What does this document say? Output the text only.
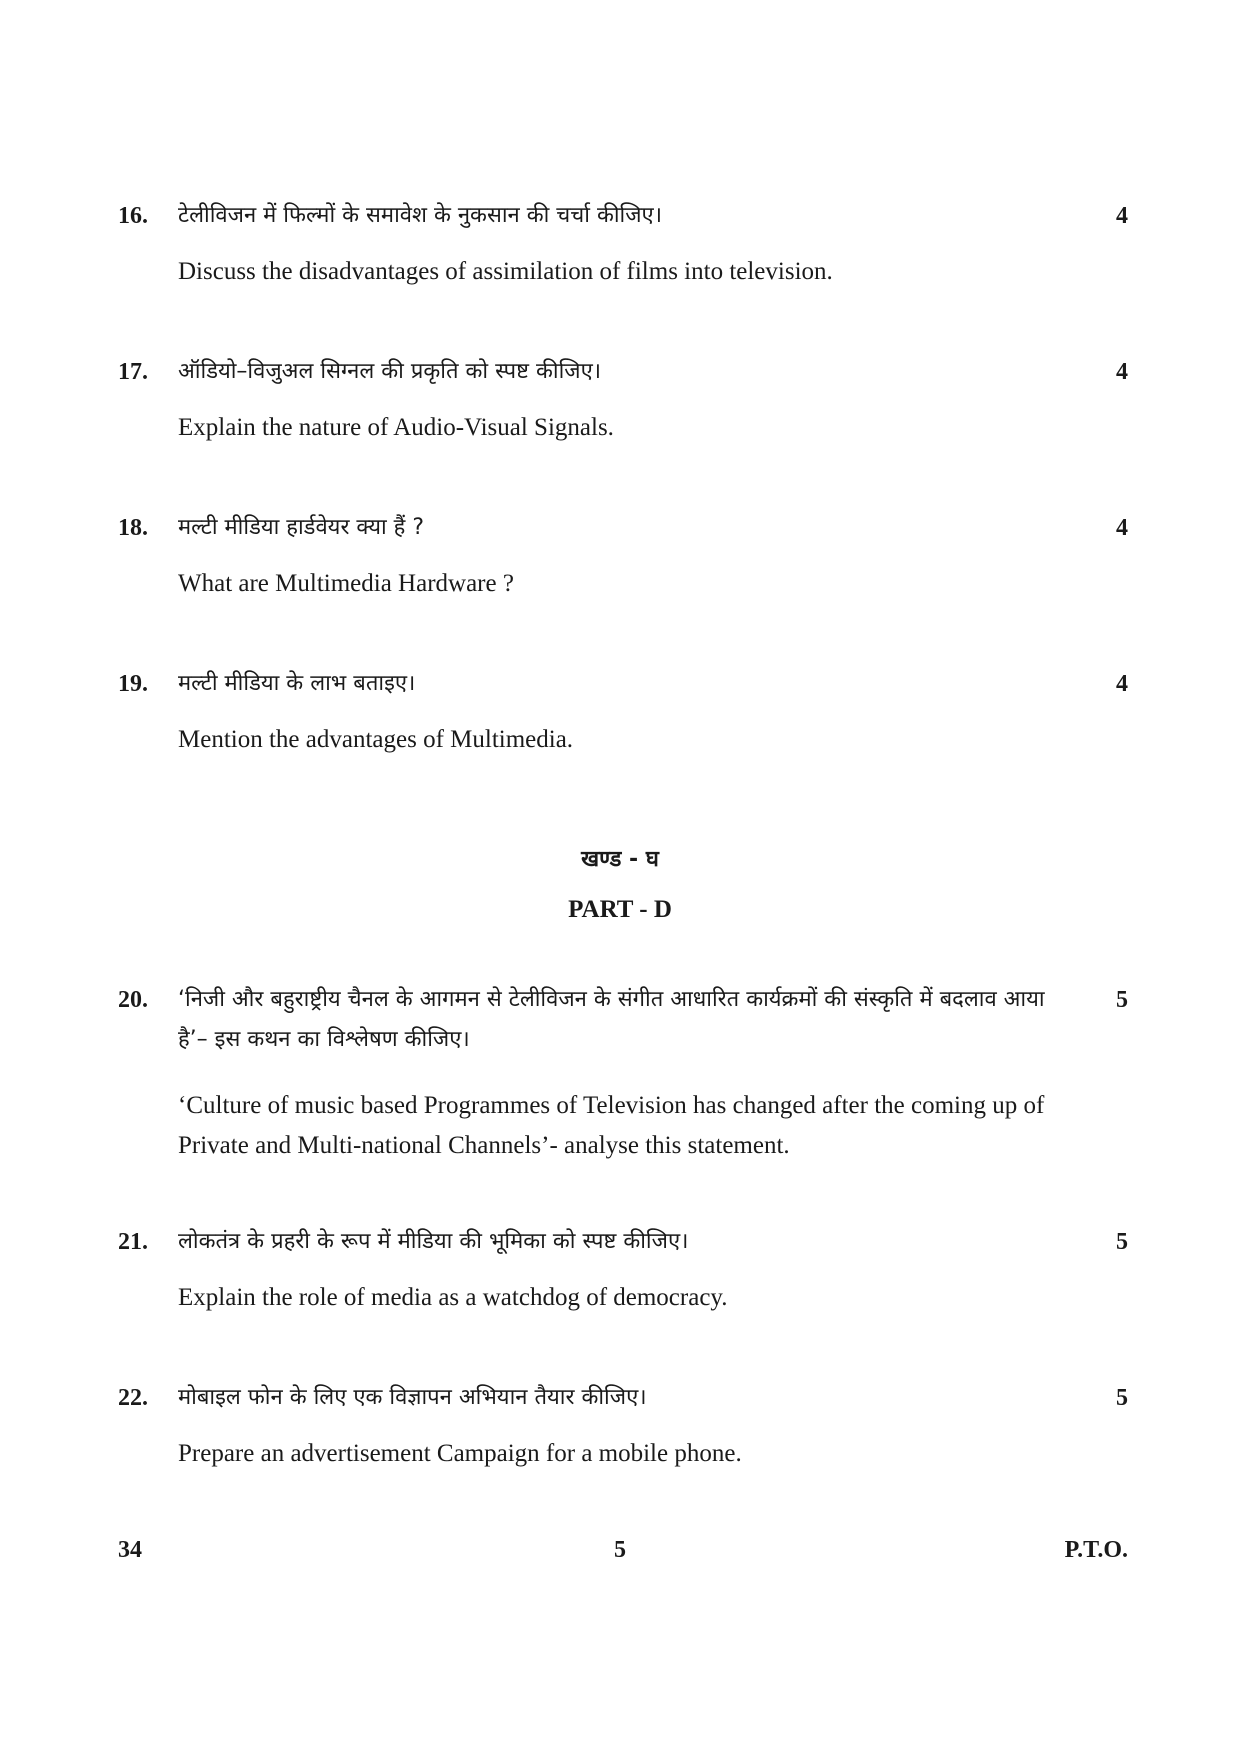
16. टेलीविजन में फिल्मों के समावेश के नुकसान की चर्चा कीजिए।	4
Discuss the disadvantages of assimilation of films into television.
17. ऑडियो–विजुअल सिग्नल की प्रकृति को स्पष्ट कीजिए।	4
Explain the nature of Audio-Visual Signals.
18. मल्टी मीडिया हार्डवेयर क्या हैं ?	4
What are Multimedia Hardware ?
19. मल्टी मीडिया के लाभ बताइए।	4
Mention the advantages of Multimedia.
खण्ड - घ
PART - D
20. ‘निजी और बहुराष्ट्रीय चैनल के आगमन से टेलीविजन के संगीत आधारित कार्यक्रमों की संस्कृति में बदलाव आया है’– इस कथन का विश्लेषण कीजिए।
5
‘Culture of music based Programmes of Television has changed after the coming up of Private and Multi-national Channels’- analyse this statement.
21. लोकतंत्र के प्रहरी के रूप में मीडिया की भूमिका को स्पष्ट कीजिए।	5
Explain the role of media as a watchdog of democracy.
22. मोबाइल फोन के लिए एक विज्ञापन अभियान तैयार कीजिए।	5
Prepare an advertisement Campaign for a mobile phone.
34	5	P.T.O.
